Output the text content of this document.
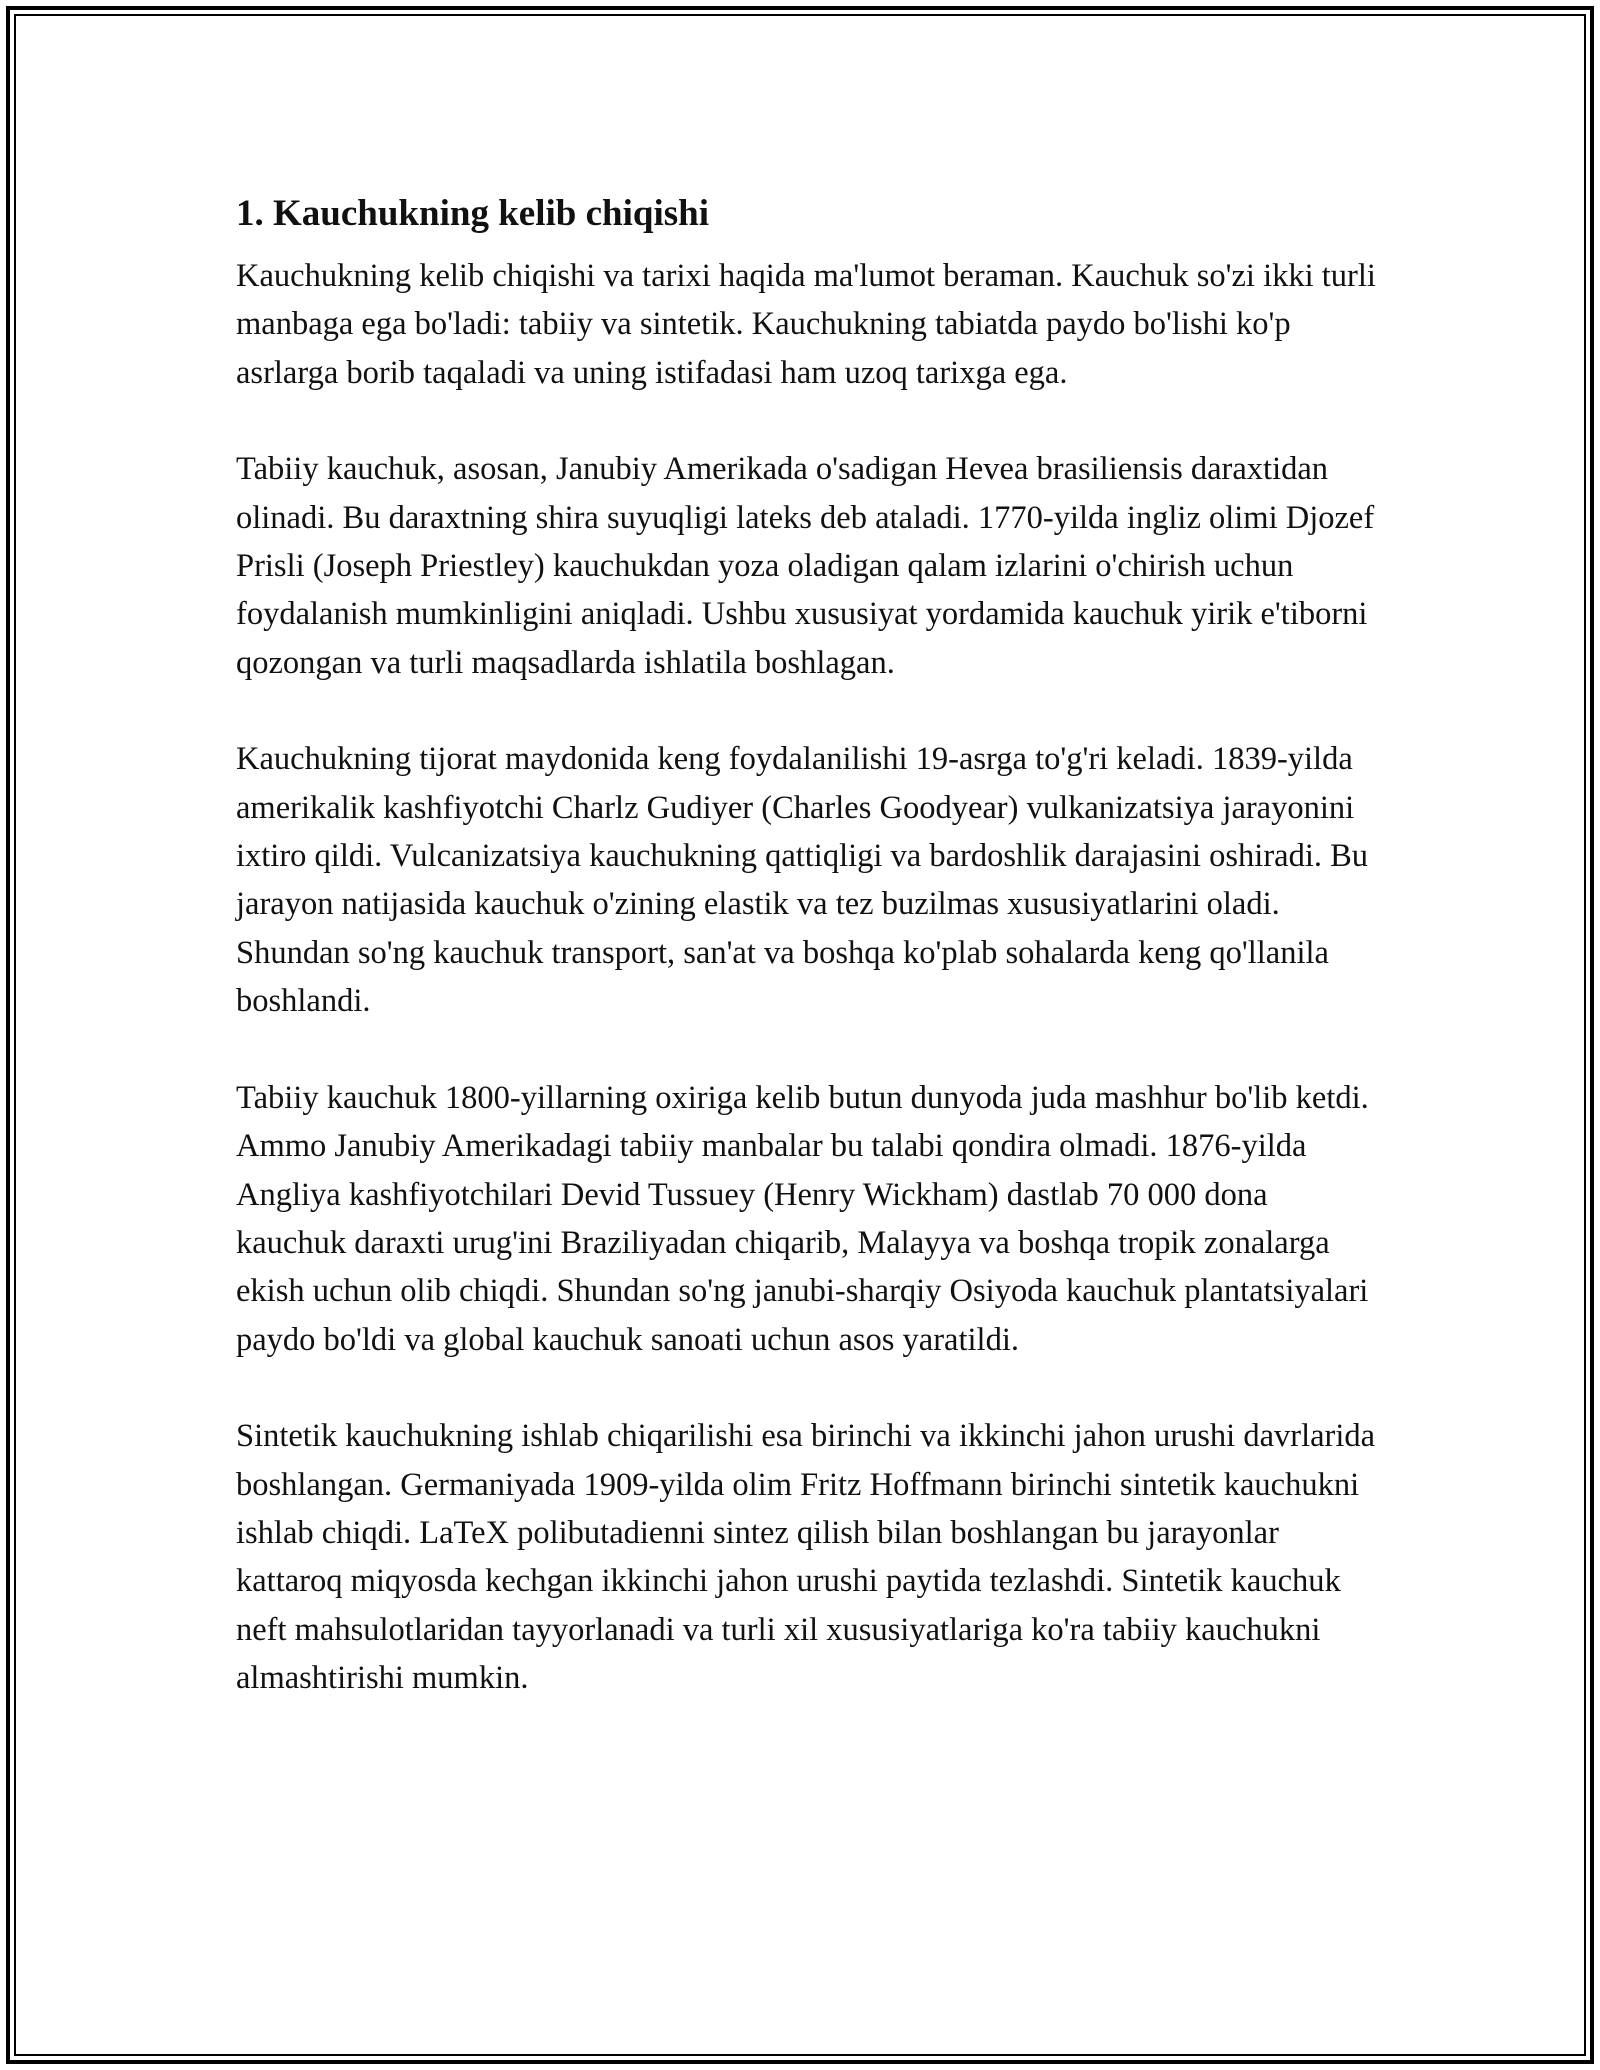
1. Kauchukning kelib chiqishi

Kauchukning kelib chiqishi va tarixi haqida ma'lumot beraman. Kauchuk so'zi ikki turli manbaga ega bo'ladi: tabiiy va sintetik. Kauchukning tabiatda paydo bo'lishi ko'p asrlarga borib taqaladi va uning istifadasi ham uzoq tarixga ega.

Tabiiy kauchuk, asosan, Janubiy Amerikada o'sadigan Hevea brasiliensis daraxtidan olinadi. Bu daraxtning shira suyuqligi lateks deb ataladi. 1770-yilda ingliz olimi Djozef Prisli (Joseph Priestley) kauchukdan yoza oladigan qalam izlarini o'chirish uchun foydalanish mumkinligini aniqladi. Ushbu xususiyat yordamida kauchuk yirik e'tiborni qozongan va turli maqsadlarda ishlatila boshlagan.

Kauchukning tijorat maydonida keng foydalanilishi 19-asrga to'g'ri keladi. 1839-yilda amerikalik kashfiyotchi Charlz Gudiyer (Charles Goodyear) vulkanizatsiya jarayonini ixtiro qildi. Vulcanizatsiya kauchukning qattiqligi va bardoshlik darajasini oshiradi. Bu jarayon natijasida kauchuk o'zining elastik va tez buzilmas xususiyatlarini oladi. Shundan so'ng kauchuk transport, san'at va boshqa ko'plab sohalarda keng qo'llanila boshlandi.

Tabiiy kauchuk 1800-yillarning oxiriga kelib butun dunyoda juda mashhur bo'lib ketdi. Ammo Janubiy Amerikadagi tabiiy manbalar bu talabi qondira olmadi. 1876-yilda Angliya kashfiyotchilari Devid Tussuey (Henry Wickham) dastlab 70 000 dona kauchuk daraxti urug'ini Braziliyadan chiqarib, Malayya va boshqa tropik zonalarga ekish uchun olib chiqdi. Shundan so'ng janubi-sharqiy Osiyoda kauchuk plantatsiyalari paydo bo'ldi va global kauchuk sanoati uchun asos yaratildi.

Sintetik kauchukning ishlab chiqarilishi esa birinchi va ikkinchi jahon urushi davrlarida boshlangan. Germaniyada 1909-yilda olim Fritz Hoffmann birinchi sintetik kauchukni ishlab chiqdi. LaTeX polibutadienni sintez qilish bilan boshlangan bu jarayonlar kattaroq miqyosda kechgan ikkinchi jahon urushi paytida tezlashdi. Sintetik kauchuk neft mahsulotlaridan tayyorlanadi va turli xil xususiyatlariga ko'ra tabiiy kauchukni almashtirishi mumkin.
